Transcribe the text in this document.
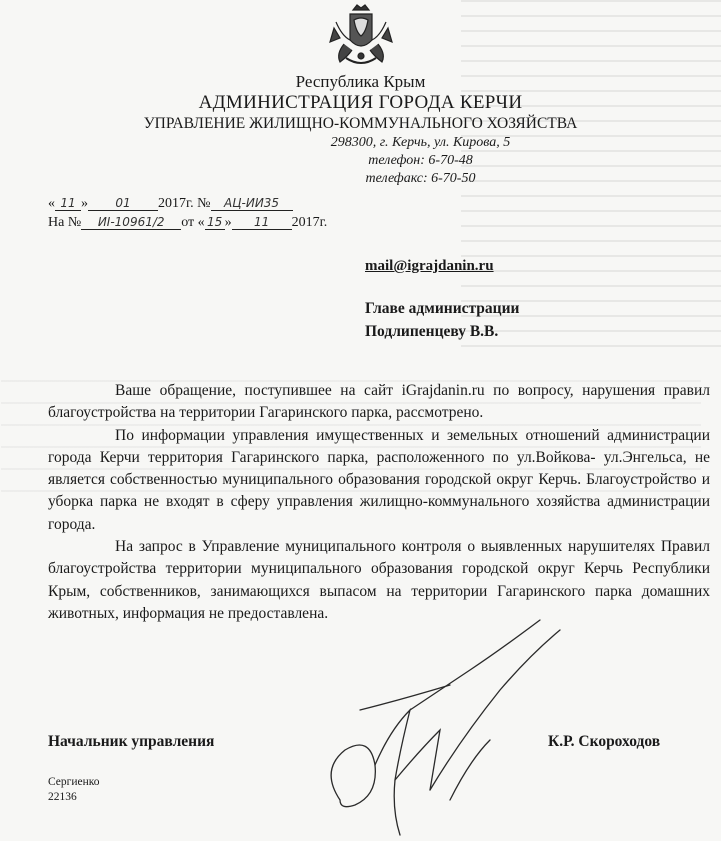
Республика Крым
АДМИНИСТРАЦИЯ ГОРОДА КЕРЧИ
УПРАВЛЕНИЕ ЖИЛИЩНО-КОММУНАЛЬНОГО ХОЗЯЙСТВА
298300, г. Керчь, ул. Кирова, 5
телефон: 6-70-48
телефакс: 6-70-50
« 11 » 01 2017г. № АЦ-ИИ35
На № ИI-10961/2 от « 15 » 11 2017г.
mail@igrajdanin.ru
Главе администрации
Подлипенцеву В.В.

Ваше обращение, поступившее на сайт iGrajdanin.ru по вопросу, нарушения правил благоустройства на территории Гагаринского парка, рассмотрено.

По информации управления имущественных и земельных отношений администрации города Керчи территория Гагаринского парка, расположенного по ул.Войкова- ул.Энгельса, не является собственностью муниципального образования городской округ Керчь. Благоустройство и уборка парка не входят в сферу управления жилищно-коммунального хозяйства администрации города.

На запрос в Управление муниципального контроля о выявленных нарушителях Правил благоустройства территории муниципального образования городской округ Керчь Республики Крым, собственников, занимающихся выпасом на территории Гагаринского парка домашних животных, информация не предоставлена.

Начальник управления	К.Р. Скороходов
Сергиенко
22136
